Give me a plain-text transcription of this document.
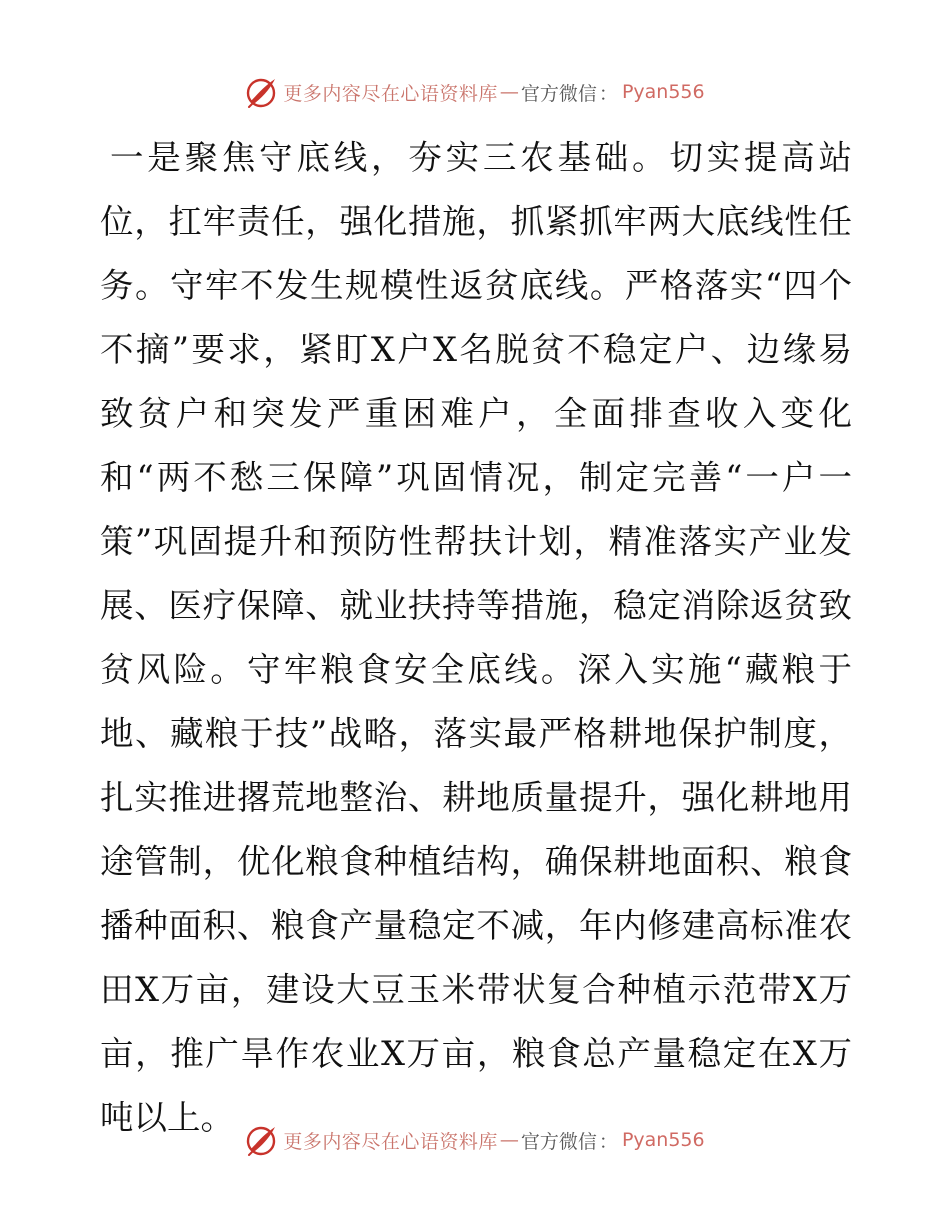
更多内容尽在心语资料库 — 官方微信 ： Pyan556
一是聚焦守底线，夯实三农基础。切实提高站
位，扛牢责任，强化措施，抓紧抓牢两大底线性任
务。守牢不发生规模性返贫底线。严格落实“四个
不摘”要求，紧盯X户X名脱贫不稳定户、边缘易
致贫户和突发严重困难户，全面排查收入变化
和“两不愁三保障”巩固情况，制定完善“一户一
策”巩固提升和预防性帮扶计划，精准落实产业发
展、医疗保障、就业扶持等措施，稳定消除返贫致
贫风险。守牢粮食安全底线。深入实施“藏粮于
地、藏粮于技”战略，落实最严格耕地保护制度，
扎实推进撂荒地整治、耕地质量提升，强化耕地用
途管制，优化粮食种植结构，确保耕地面积、粮食
播种面积、粮食产量稳定不减，年内修建高标准农
田X万亩，建设大豆玉米带状复合种植示范带X万
亩，推广旱作农业X万亩，粮食总产量稳定在X万
吨以上。
更多内容尽在心语资料库 — 官方微信 ： Pyan556
